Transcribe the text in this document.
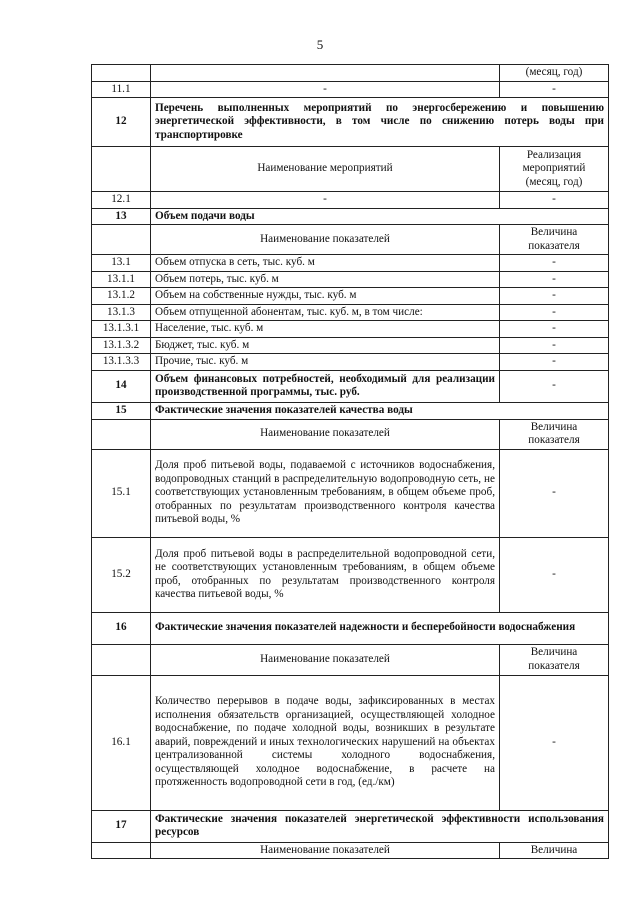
5
		(месяц, год)
11.1	-	-
12	Перечень выполненных мероприятий по энергосбережению и повышению энергетической эффективности, в том числе по снижению потерь воды при транспортировке	
	Наименование мероприятий	Реализация мероприятий (месяц, год)
12.1	-	-
13	Объем подачи воды	
	Наименование показателей	Величина показателя
13.1	Объем отпуска в сеть, тыс. куб. м	-
13.1.1	Объем потерь, тыс. куб. м	-
13.1.2	Объем на собственные нужды, тыс. куб. м	-
13.1.3	Объем отпущенной абонентам, тыс. куб. м, в том числе:	-
13.1.3.1	Население, тыс. куб. м	-
13.1.3.2	Бюджет, тыс. куб. м	-
13.1.3.3	Прочие, тыс. куб. м	-
14	Объем финансовых потребностей, необходимый для реализации производственной программы, тыс. руб.	-
15	Фактические значения показателей качества воды	
	Наименование показателей	Величина показателя
15.1	Доля проб питьевой воды, подаваемой с источников водоснабжения, водопроводных станций в распределительную водопроводную сеть, не соответствующих установленным требованиям, в общем объеме проб, отобранных по результатам производственного контроля качества питьевой воды, %	-
15.2	Доля проб питьевой воды в распределительной водопроводной сети, не соответствующих установленным требованиям, в общем объеме проб, отобранных по результатам производственного контроля качества питьевой воды, %	-
16	Фактические значения показателей надежности и бесперебойности водоснабжения	
	Наименование показателей	Величина показателя
16.1	Количество перерывов в подаче воды, зафиксированных в местах исполнения обязательств организацией, осуществляющей холодное водоснабжение, по подаче холодной воды, возникших в результате аварий, повреждений и иных технологических нарушений на объектах централизованной системы холодного водоснабжения, осуществляющей холодное водоснабжение, в расчете на протяженность водопроводной сети в год, (ед./км)	-
17	Фактические значения показателей энергетической эффективности использования ресурсов	
	Наименование показателей	Величина
